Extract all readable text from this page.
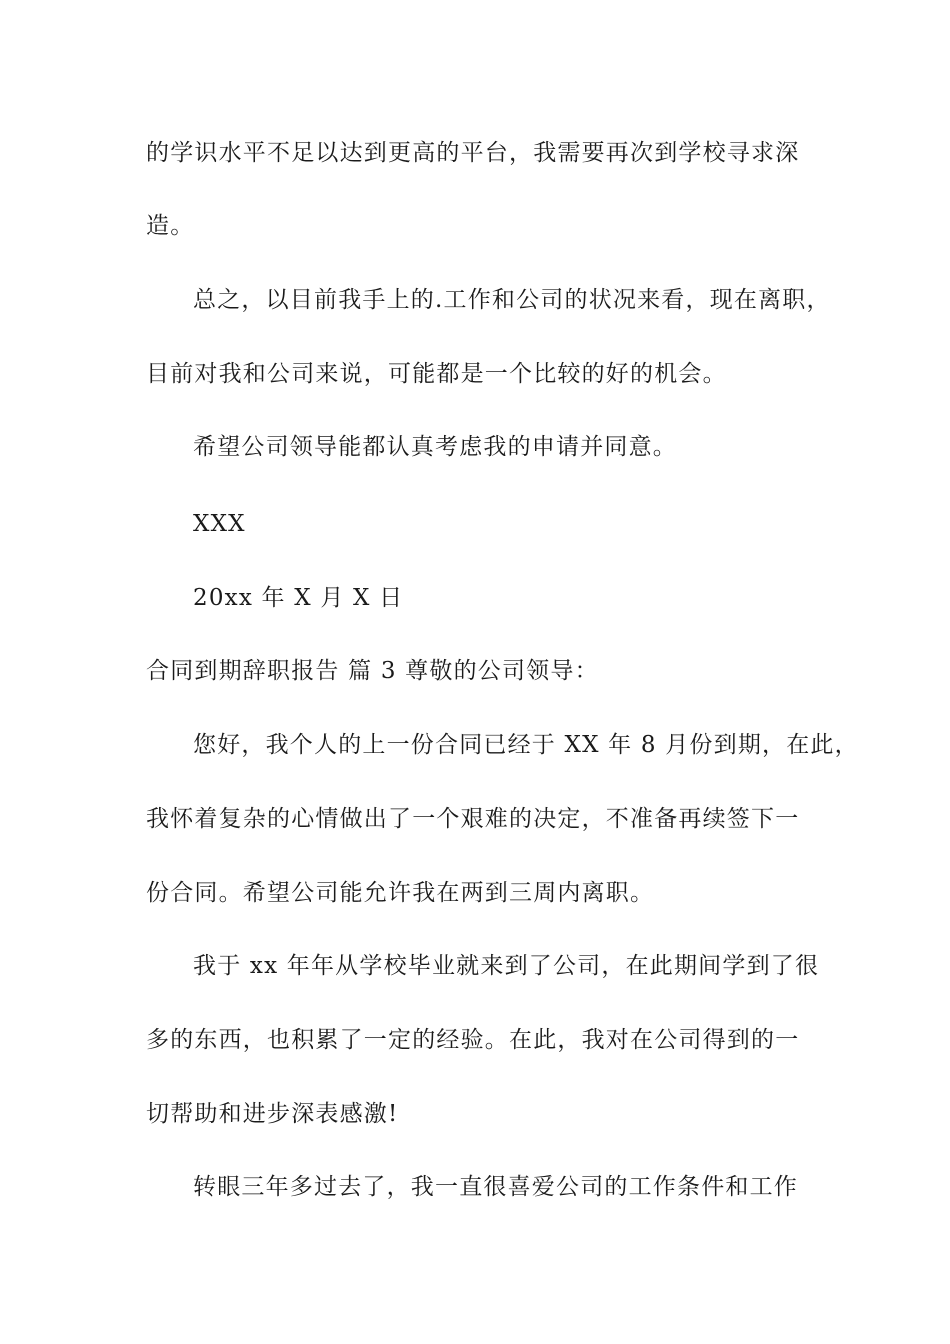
的学识水平不足以达到更高的平台，我需要再次到学校寻求深
造。
总之，以目前我手上的.工作和公司的状况来看，现在离职，
目前对我和公司来说，可能都是一个比较的好的机会。
希望公司领导能都认真考虑我的申请并同意。
XXX
20xx 年 X 月 X 日
合同到期辞职报告 篇 3 尊敬的公司领导：
您好，我个人的上一份合同已经于 XX 年 8 月份到期，在此，
我怀着复杂的心情做出了一个艰难的决定，不准备再续签下一
份合同。希望公司能允许我在两到三周内离职。
我于 xx 年年从学校毕业就来到了公司，在此期间学到了很
多的东西，也积累了一定的经验。在此，我对在公司得到的一
切帮助和进步深表感激!
转眼三年多过去了，我一直很喜爱公司的工作条件和工作
